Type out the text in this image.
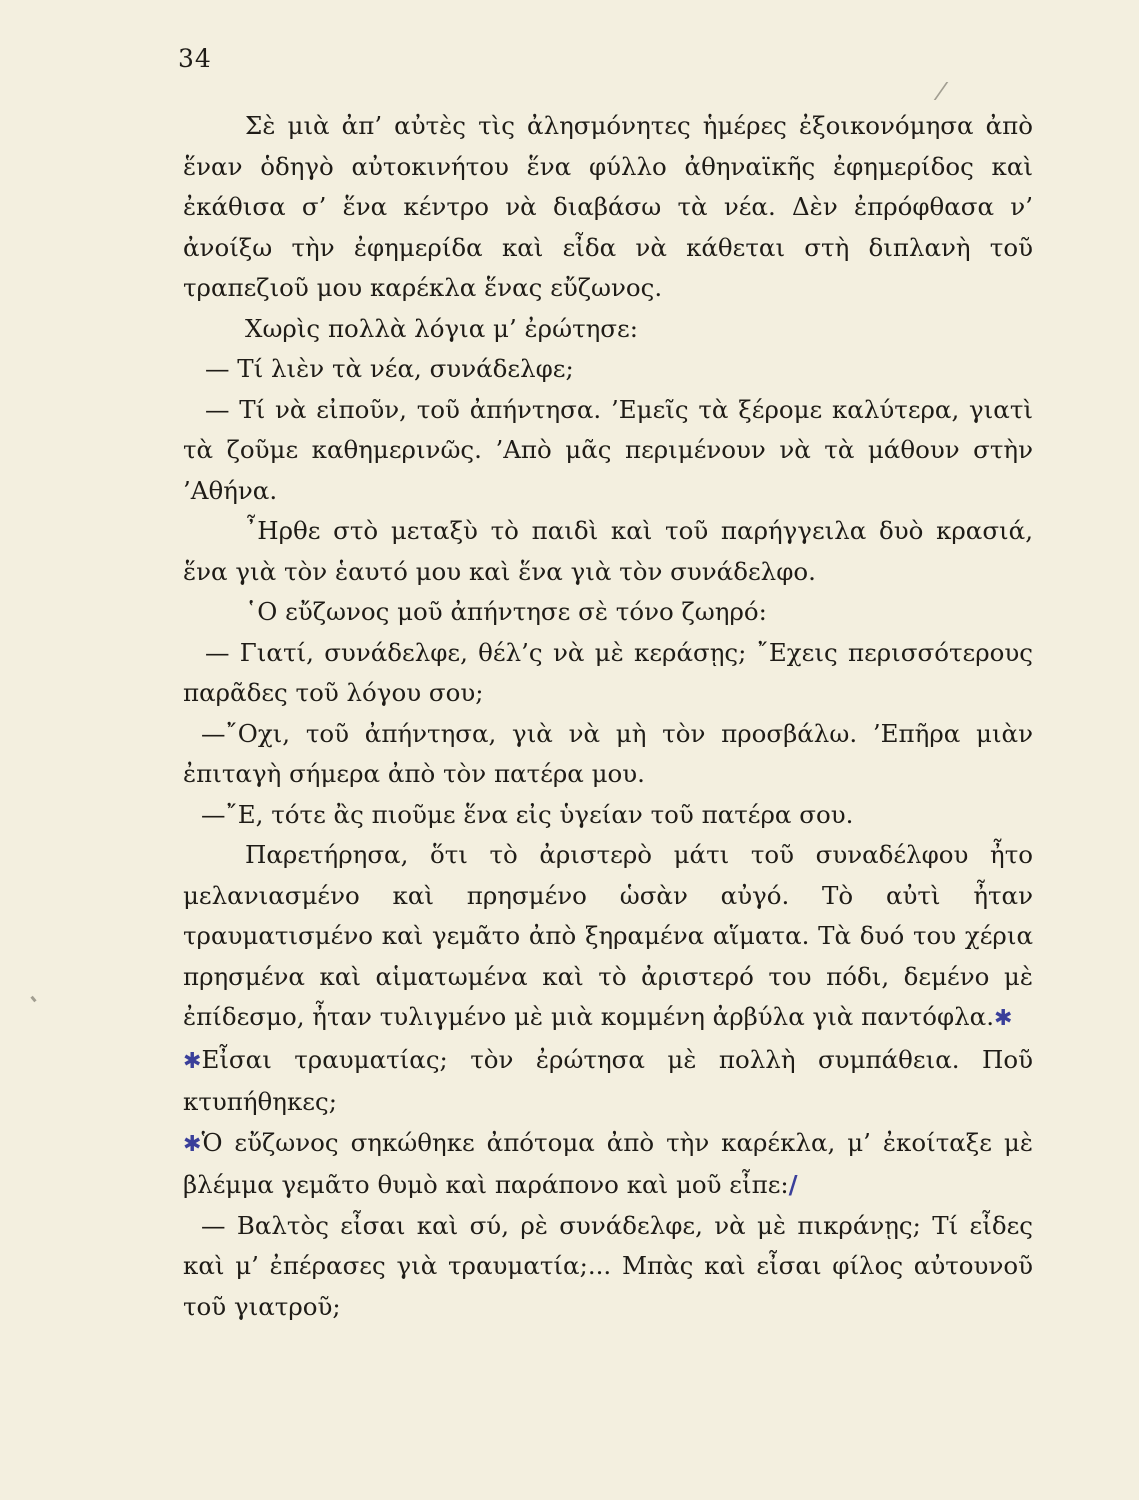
34

Σὲ μιὰ ἀπ’ αὐτὲς τὶς ἀλησμόνητες ἡμέρες ἐξοικονόμησα ἀπὸ ἕναν ὁδηγὸ αὐτοκινήτου ἕνα φύλλο ἀθηναϊκῆς ἐφημερίδος καὶ ἐκάθισα σ’ ἕνα κέντρο νὰ διαβάσω τὰ νέα. Δὲν ἐπρόφθασα ν’ ἀνοίξω τὴν ἐφημερίδα καὶ εἶδα νὰ κάθεται στὴ διπλανὴ τοῦ τραπεζιοῦ μου καρέκλα ἕνας εὔζωνος.

Χωρὶς πολλὰ λόγια μ’ ἐρώτησε:

— Τί λιὲν τὰ νέα, συνάδελφε;

— Τί νὰ εἰποῦν, τοῦ ἀπήντησα. ’Εμεῖς τὰ ξέρομε καλύτερα, γιατὶ τὰ ζοῦμε καθημερινῶς. ’Απὸ μᾶς περιμένουν νὰ τὰ μάθουν στὴν ’Αθήνα.

῏Ηρθε στὸ μεταξὺ τὸ παιδὶ καὶ τοῦ παρήγγειλα δυὸ κρασιά, ἕνα γιὰ τὸν ἑαυτό μου καὶ ἕνα γιὰ τὸν συνάδελφο.

῾Ο εὔζωνος μοῦ ἀπήντησε σὲ τόνο ζωηρό:

— Γιατί, συνάδελφε, θέλ’ς νὰ μὲ κεράσῃς; ῎Εχεις περισσότερους παρᾶδες τοῦ λόγου σου;

—῎Οχι, τοῦ ἀπήντησα, γιὰ νὰ μὴ τὸν προσβάλω. ’Επῆρα μιὰν ἐπιταγὴ σήμερα ἀπὸ τὸν πατέρα μου.

—῎Ε, τότε ἂς πιοῦμε ἕνα εἰς ὑγείαν τοῦ πατέρα σου.

Παρετήρησα, ὅτι τὸ ἀριστερὸ μάτι τοῦ συναδέλφου ἦτο μελανιασμένο καὶ πρησμένο ὡσὰν αὐγό. Τὸ αὐτὶ ἦταν τραυματισμένο καὶ γεμᾶτο ἀπὸ ξηραμένα αἵματα. Τὰ δυό του χέρια πρησμένα καὶ αἱματωμένα καὶ τὸ ἀριστερό του πόδι, δεμένο μὲ ἐπίδεσμο, ἦταν τυλιγμένο μὲ μιὰ κομμένη ἀρβύλα γιὰ παντόφλα.✱

✱Εἶσαι τραυματίας; τὸν ἐρώτησα μὲ πολλὴ συμπάθεια. Ποῦ κτυπήθηκες;

✱Ὁ εὔζωνος σηκώθηκε ἀπότομα ἀπὸ τὴν καρέκλα, μ’ ἐκοίταξε μὲ βλέμμα γεμᾶτο θυμὸ καὶ παράπονο καὶ μοῦ εἶπε:/

— Βαλτὸς εἶσαι καὶ σύ, ρὲ συνάδελφε, νὰ μὲ πικράνῃς; Τί εἶδες καὶ μ’ ἐπέρασες γιὰ τραυματία;... Μπὰς καὶ εἶσαι φίλος αὐτουνοῦ τοῦ γιατροῦ;
